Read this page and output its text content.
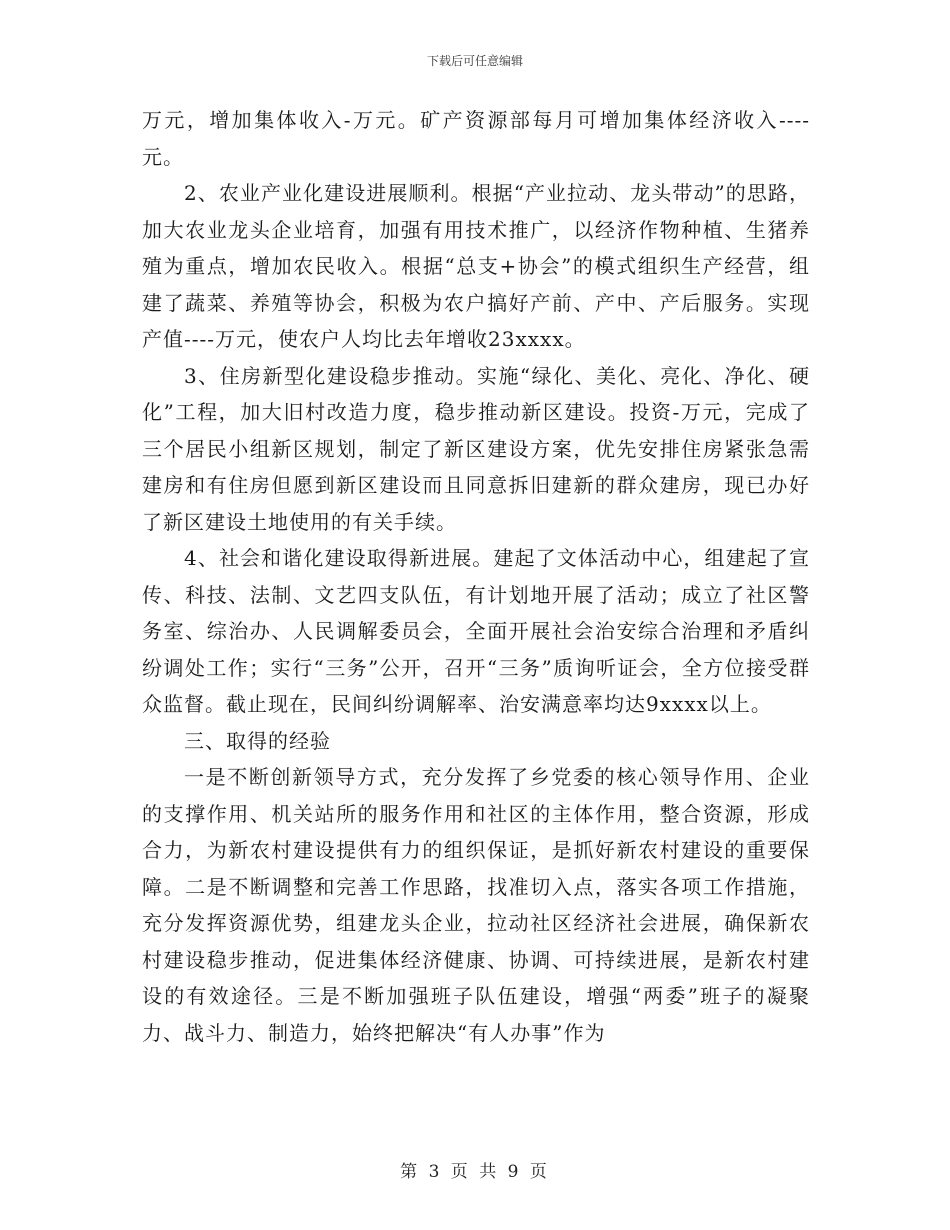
下载后可任意编辑

万元，增加集体收入-万元。矿产资源部每月可增加集体经济收入----元。

2、农业产业化建设进展顺利。根据“产业拉动、龙头带动”的思路，加大农业龙头企业培育，加强有用技术推广，以经济作物种植、生猪养殖为重点，增加农民收入。根据“总支+协会”的模式组织生产经营，组建了蔬菜、养殖等协会，积极为农户搞好产前、产中、产后服务。实现产值----万元，使农户人均比去年增收23xxxx。

3、住房新型化建设稳步推动。实施“绿化、美化、亮化、净化、硬化”工程，加大旧村改造力度，稳步推动新区建设。投资-万元，完成了三个居民小组新区规划，制定了新区建设方案，优先安排住房紧张急需建房和有住房但愿到新区建设而且同意拆旧建新的群众建房，现已办好了新区建设土地使用的有关手续。

4、社会和谐化建设取得新进展。建起了文体活动中心，组建起了宣传、科技、法制、文艺四支队伍，有计划地开展了活动；成立了社区警务室、综治办、人民调解委员会，全面开展社会治安综合治理和矛盾纠纷调处工作；实行“三务”公开，召开“三务”质询听证会，全方位接受群众监督。截止现在，民间纠纷调解率、治安满意率均达9xxxx以上。

三、取得的经验

一是不断创新领导方式，充分发挥了乡党委的核心领导作用、企业的支撑作用、机关站所的服务作用和社区的主体作用，整合资源，形成合力，为新农村建设提供有力的组织保证，是抓好新农村建设的重要保障。二是不断调整和完善工作思路，找准切入点，落实各项工作措施，充分发挥资源优势，组建龙头企业，拉动社区经济社会进展，确保新农村建设稳步推动，促进集体经济健康、协调、可持续进展，是新农村建设的有效途径。三是不断加强班子队伍建设，增强“两委”班子的凝聚力、战斗力、制造力，始终把解决“有人办事”作为

第 3 页 共 9 页
